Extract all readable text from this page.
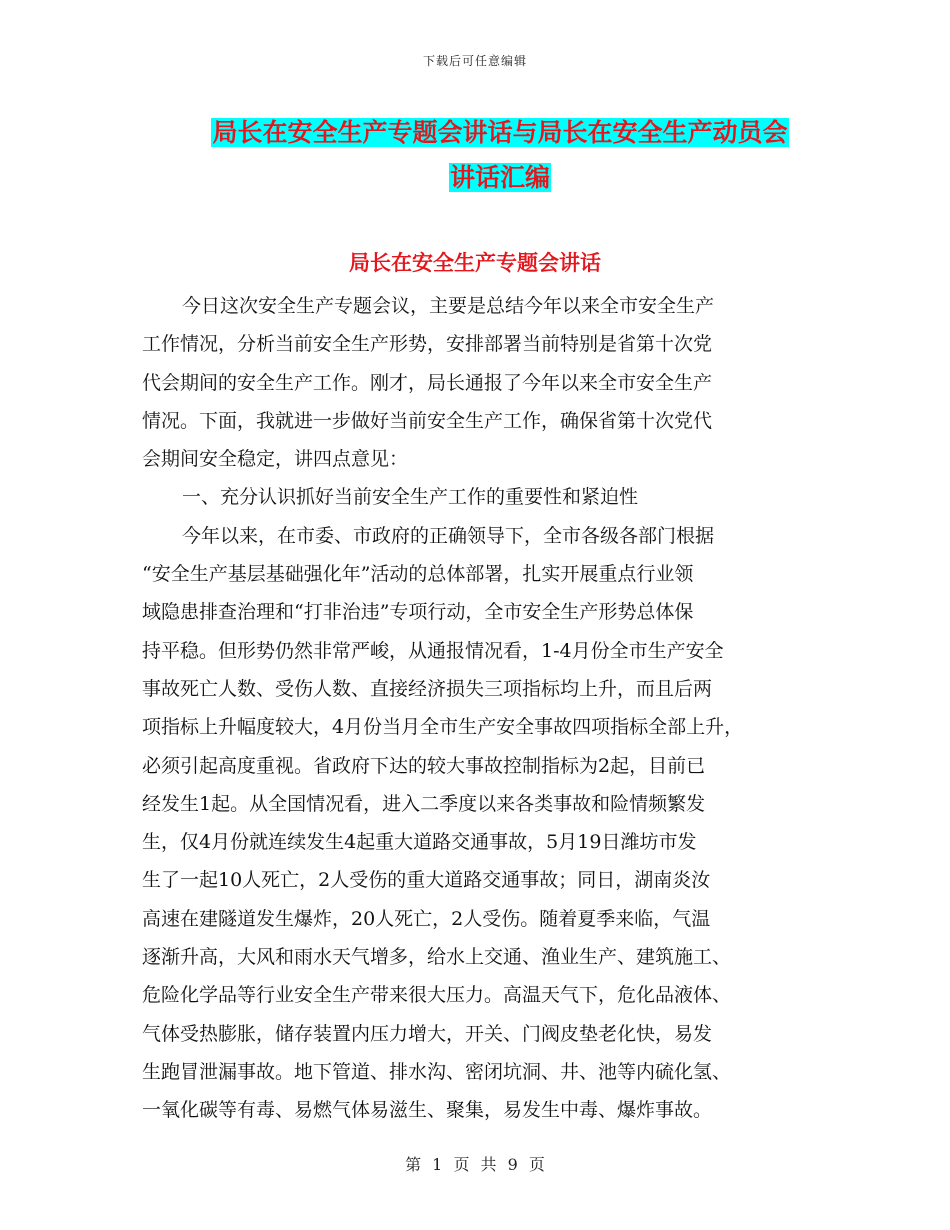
下载后可任意编辑
局长在安全生产专题会讲话与局长在安全生产动员会
讲话汇编
局长在安全生产专题会讲话
今日这次安全生产专题会议，主要是总结今年以来全市安全生产
工作情况，分析当前安全生产形势，安排部署当前特别是省第十次党
代会期间的安全生产工作。刚才，局长通报了今年以来全市安全生产
情况。下面，我就进一步做好当前安全生产工作，确保省第十次党代
会期间安全稳定，讲四点意见：
一、充分认识抓好当前安全生产工作的重要性和紧迫性
今年以来，在市委、市政府的正确领导下，全市各级各部门根据
“安全生产基层基础强化年”活动的总体部署，扎实开展重点行业领
域隐患排查治理和“打非治违”专项行动，全市安全生产形势总体保
持平稳。但形势仍然非常严峻，从通报情况看，1-4月份全市生产安全
事故死亡人数、受伤人数、直接经济损失三项指标均上升，而且后两
项指标上升幅度较大，4月份当月全市生产安全事故四项指标全部上升，
必须引起高度重视。省政府下达的较大事故控制指标为2起，目前已
经发生1起。从全国情况看，进入二季度以来各类事故和险情频繁发
生，仅4月份就连续发生4起重大道路交通事故，5月19日潍坊市发
生了一起10人死亡，2人受伤的重大道路交通事故；同日，湖南炎汝
高速在建隧道发生爆炸，20人死亡，2人受伤。随着夏季来临，气温
逐渐升高，大风和雨水天气增多，给水上交通、渔业生产、建筑施工、
危险化学品等行业安全生产带来很大压力。高温天气下，危化品液体、
气体受热膨胀，储存装置内压力增大，开关、门阀皮垫老化快，易发
生跑冒泄漏事故。地下管道、排水沟、密闭坑洞、井、池等内硫化氢、
一氧化碳等有毒、易燃气体易滋生、聚集，易发生中毒、爆炸事故。
第 1 页 共 9 页
